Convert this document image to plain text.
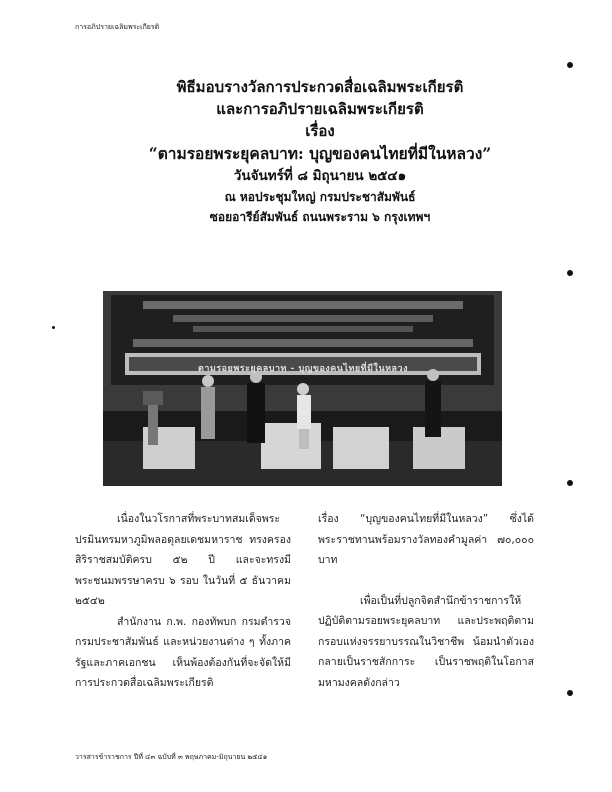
การอภิปรายเฉลิมพระเกียรติ
พิธีมอบรางวัลการประกวดสื่อเฉลิมพระเกียรติ
และการอภิปรายเฉลิมพระเกียรติ
เรื่อง
“ตามรอยพระยุคลบาท: บุญของคนไทยที่มีในหลวง”
วันจันทร์ที่ ๘ มิถุนายน ๒๕๔๑
ณ หอประชุมใหญ่ กรมประชาสัมพันธ์
ซอยอารีย์สัมพันธ์ ถนนพระราม ๖ กรุงเทพฯ
ตามรอยพระยุคลบาท - บุญของคนไทยที่มีในหลวง

เนื่องในวโรกาสที่พระบาทสมเด็จพระปรมินทรมหาภูมิพลอดุลยเดชมหาราช ทรงครองสิริราชสมบัติครบ ๕๒ ปี และจะทรงมีพระชนมพรรษาครบ ๖ รอบ ในวันที่ ๕ ธันวาคม ๒๕๔๒

สำนักงาน ก.พ. กองทัพบก กรมตำรวจ กรมประชาสัมพันธ์ และหน่วยงานต่าง ๆ ทั้งภาครัฐและภาคเอกชน เห็นพ้องต้องกันที่จะจัดให้มีการประกวดสื่อเฉลิมพระเกียรติ

เรื่อง “บุญของคนไทยที่มีในหลวง” ซึ่งได้พระราชทานพร้อมรางวัลทองคำมูลค่า ๗๐,๐๐๐ บาท

เพื่อเป็นที่ปลูกจิตสำนึกข้าราชการให้ปฏิบัติตามรอยพระยุคลบาท และประพฤติตามกรอบแห่งจรรยาบรรณในวิชาชีพ น้อมนำตัวเอง กลายเป็นราชสักการะ เป็นราชพฤติในโอกาสมหามงคลดังกล่าว

วารสารข้าราชการ ปีที่ ๔๓ ฉบับที่ ๓ พฤษภาคม-มิถุนายน ๒๕๔๑
